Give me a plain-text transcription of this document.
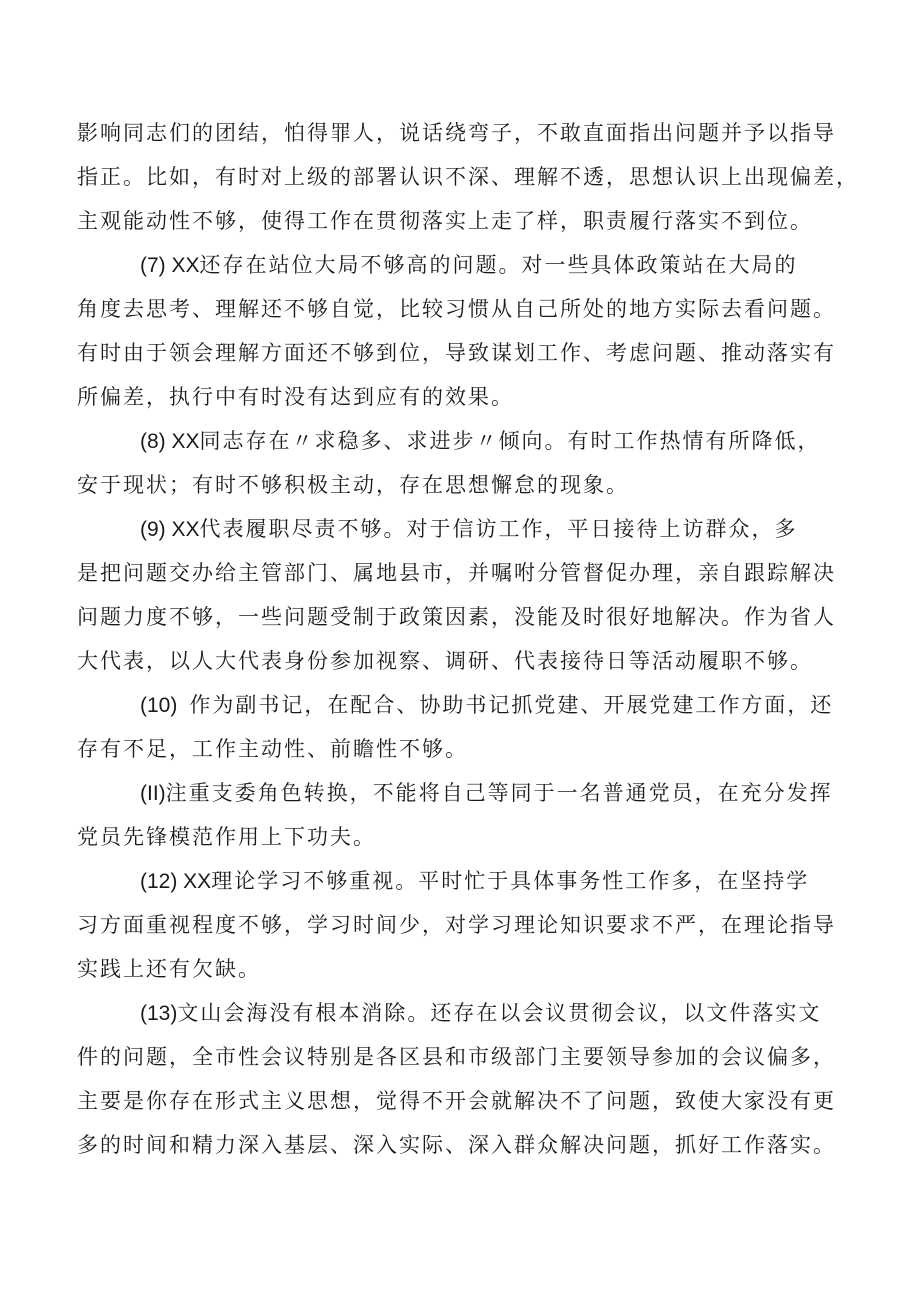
影响同志们的团结，怕得罪人，说话绕弯子，不敢直面指出问题并予以指导
指正。比如，有时对上级的部署认识不深、理解不透，思想认识上出现偏差，
主观能动性不够，使得工作在贯彻落实上走了样，职责履行落实不到位。
(7) XX还存在站位大局不够高的问题。对一些具体政策站在大局的
角度去思考、理解还不够自觉，比较习惯从自己所处的地方实际去看问题。
有时由于领会理解方面还不够到位，导致谋划工作、考虑问题、推动落实有
所偏差，执行中有时没有达到应有的效果。
(8) XX同志存在〃求稳多、求进步〃倾向。有时工作热情有所降低，
安于现状；有时不够积极主动，存在思想懈怠的现象。
(9) XX代表履职尽责不够。对于信访工作，平日接待上访群众，多
是把问题交办给主管部门、属地县市，并嘱咐分管督促办理，亲自跟踪解决
问题力度不够，一些问题受制于政策因素，没能及时很好地解决。作为省人
大代表，以人大代表身份参加视察、调研、代表接待日等活动履职不够。
(10) 作为副书记，在配合、协助书记抓党建、开展党建工作方面，还
存有不足，工作主动性、前瞻性不够。
(II)注重支委角色转换，不能将自己等同于一名普通党员，在充分发挥
党员先锋模范作用上下功夫。
(12) XX理论学习不够重视。平时忙于具体事务性工作多，在坚持学
习方面重视程度不够，学习时间少，对学习理论知识要求不严，在理论指导
实践上还有欠缺。
(13)文山会海没有根本消除。还存在以会议贯彻会议，以文件落实文
件的问题，全市性会议特别是各区县和市级部门主要领导参加的会议偏多，
主要是你存在形式主义思想，觉得不开会就解决不了问题，致使大家没有更
多的时间和精力深入基层、深入实际、深入群众解决问题，抓好工作落实。
